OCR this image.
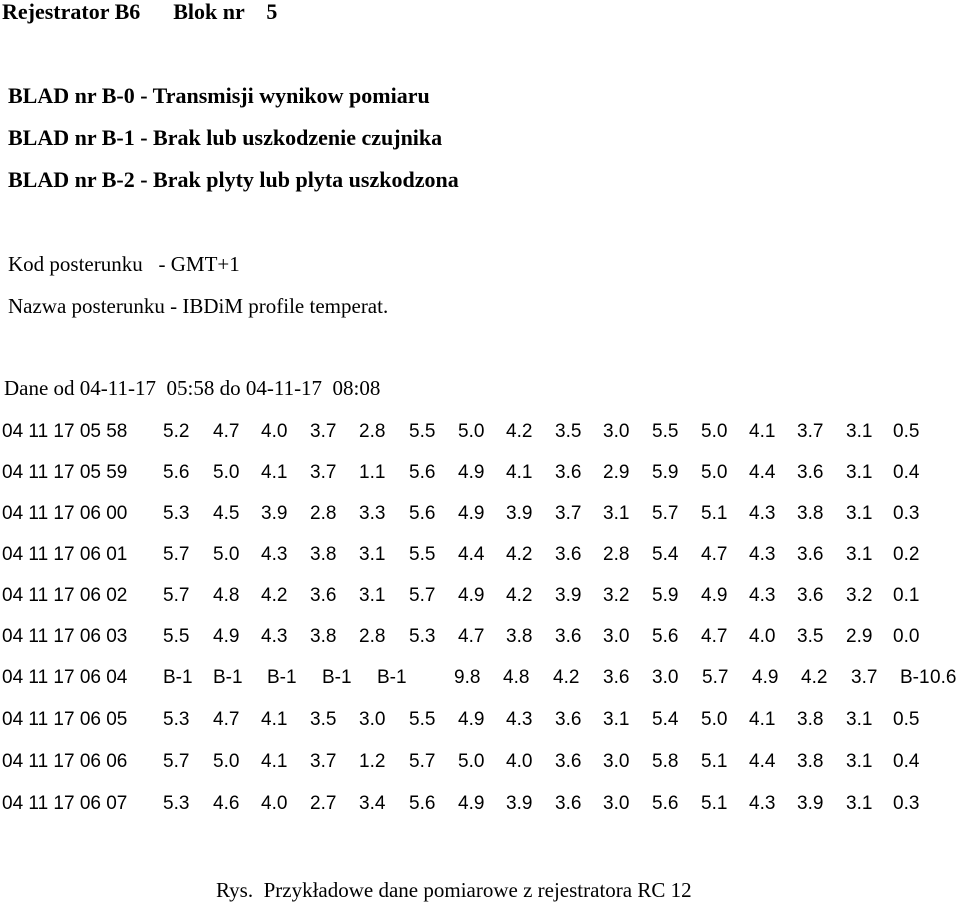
Rejestrator B6      Blok nr    5
BLAD nr B-0 - Transmisji wynikow pomiaru
BLAD nr B-1 - Brak lub uszkodzenie czujnika
BLAD nr B-2 - Brak plyty lub plyta uszkodzona
Kod posterunku   - GMT+1
Nazwa posterunku - IBDiM profile temperat.
Dane od 04-11-17  05:58 do 04-11-17  08:08
04 11 17 05 58 5.2 4.7 4.0 3.7 2.8 5.5 5.0 4.2 3.5 3.0 5.5 5.0 4.1 3.7 3.1 0.5
04 11 17 05 59 5.6 5.0 4.1 3.7 1.1 5.6 4.9 4.1 3.6 2.9 5.9 5.0 4.4 3.6 3.1 0.4
04 11 17 06 00 5.3 4.5 3.9 2.8 3.3 5.6 4.9 3.9 3.7 3.1 5.7 5.1 4.3 3.8 3.1 0.3
04 11 17 06 01 5.7 5.0 4.3 3.8 3.1 5.5 4.4 4.2 3.6 2.8 5.4 4.7 4.3 3.6 3.1 0.2
04 11 17 06 02 5.7 4.8 4.2 3.6 3.1 5.7 4.9 4.2 3.9 3.2 5.9 4.9 4.3 3.6 3.2 0.1
04 11 17 06 03 5.5 4.9 4.3 3.8 2.8 5.3 4.7 3.8 3.6 3.0 5.6 4.7 4.0 3.5 2.9 0.0
04 11 17 06 04 B-1 B-1 B-1 B-1 B-1 9.8 4.8 4.2 3.6 3.0 5.7 4.9 4.2 3.7 B-1 0.6
04 11 17 06 05 5.3 4.7 4.1 3.5 3.0 5.5 4.9 4.3 3.6 3.1 5.4 5.0 4.1 3.8 3.1 0.5
04 11 17 06 06 5.7 5.0 4.1 3.7 1.2 5.7 5.0 4.0 3.6 3.0 5.8 5.1 4.4 3.8 3.1 0.4
04 11 17 06 07 5.3 4.6 4.0 2.7 3.4 5.6 4.9 3.9 3.6 3.0 5.6 5.1 4.3 3.9 3.1 0.3
Rys.  Przykładowe dane pomiarowe z rejestratora RC 12
